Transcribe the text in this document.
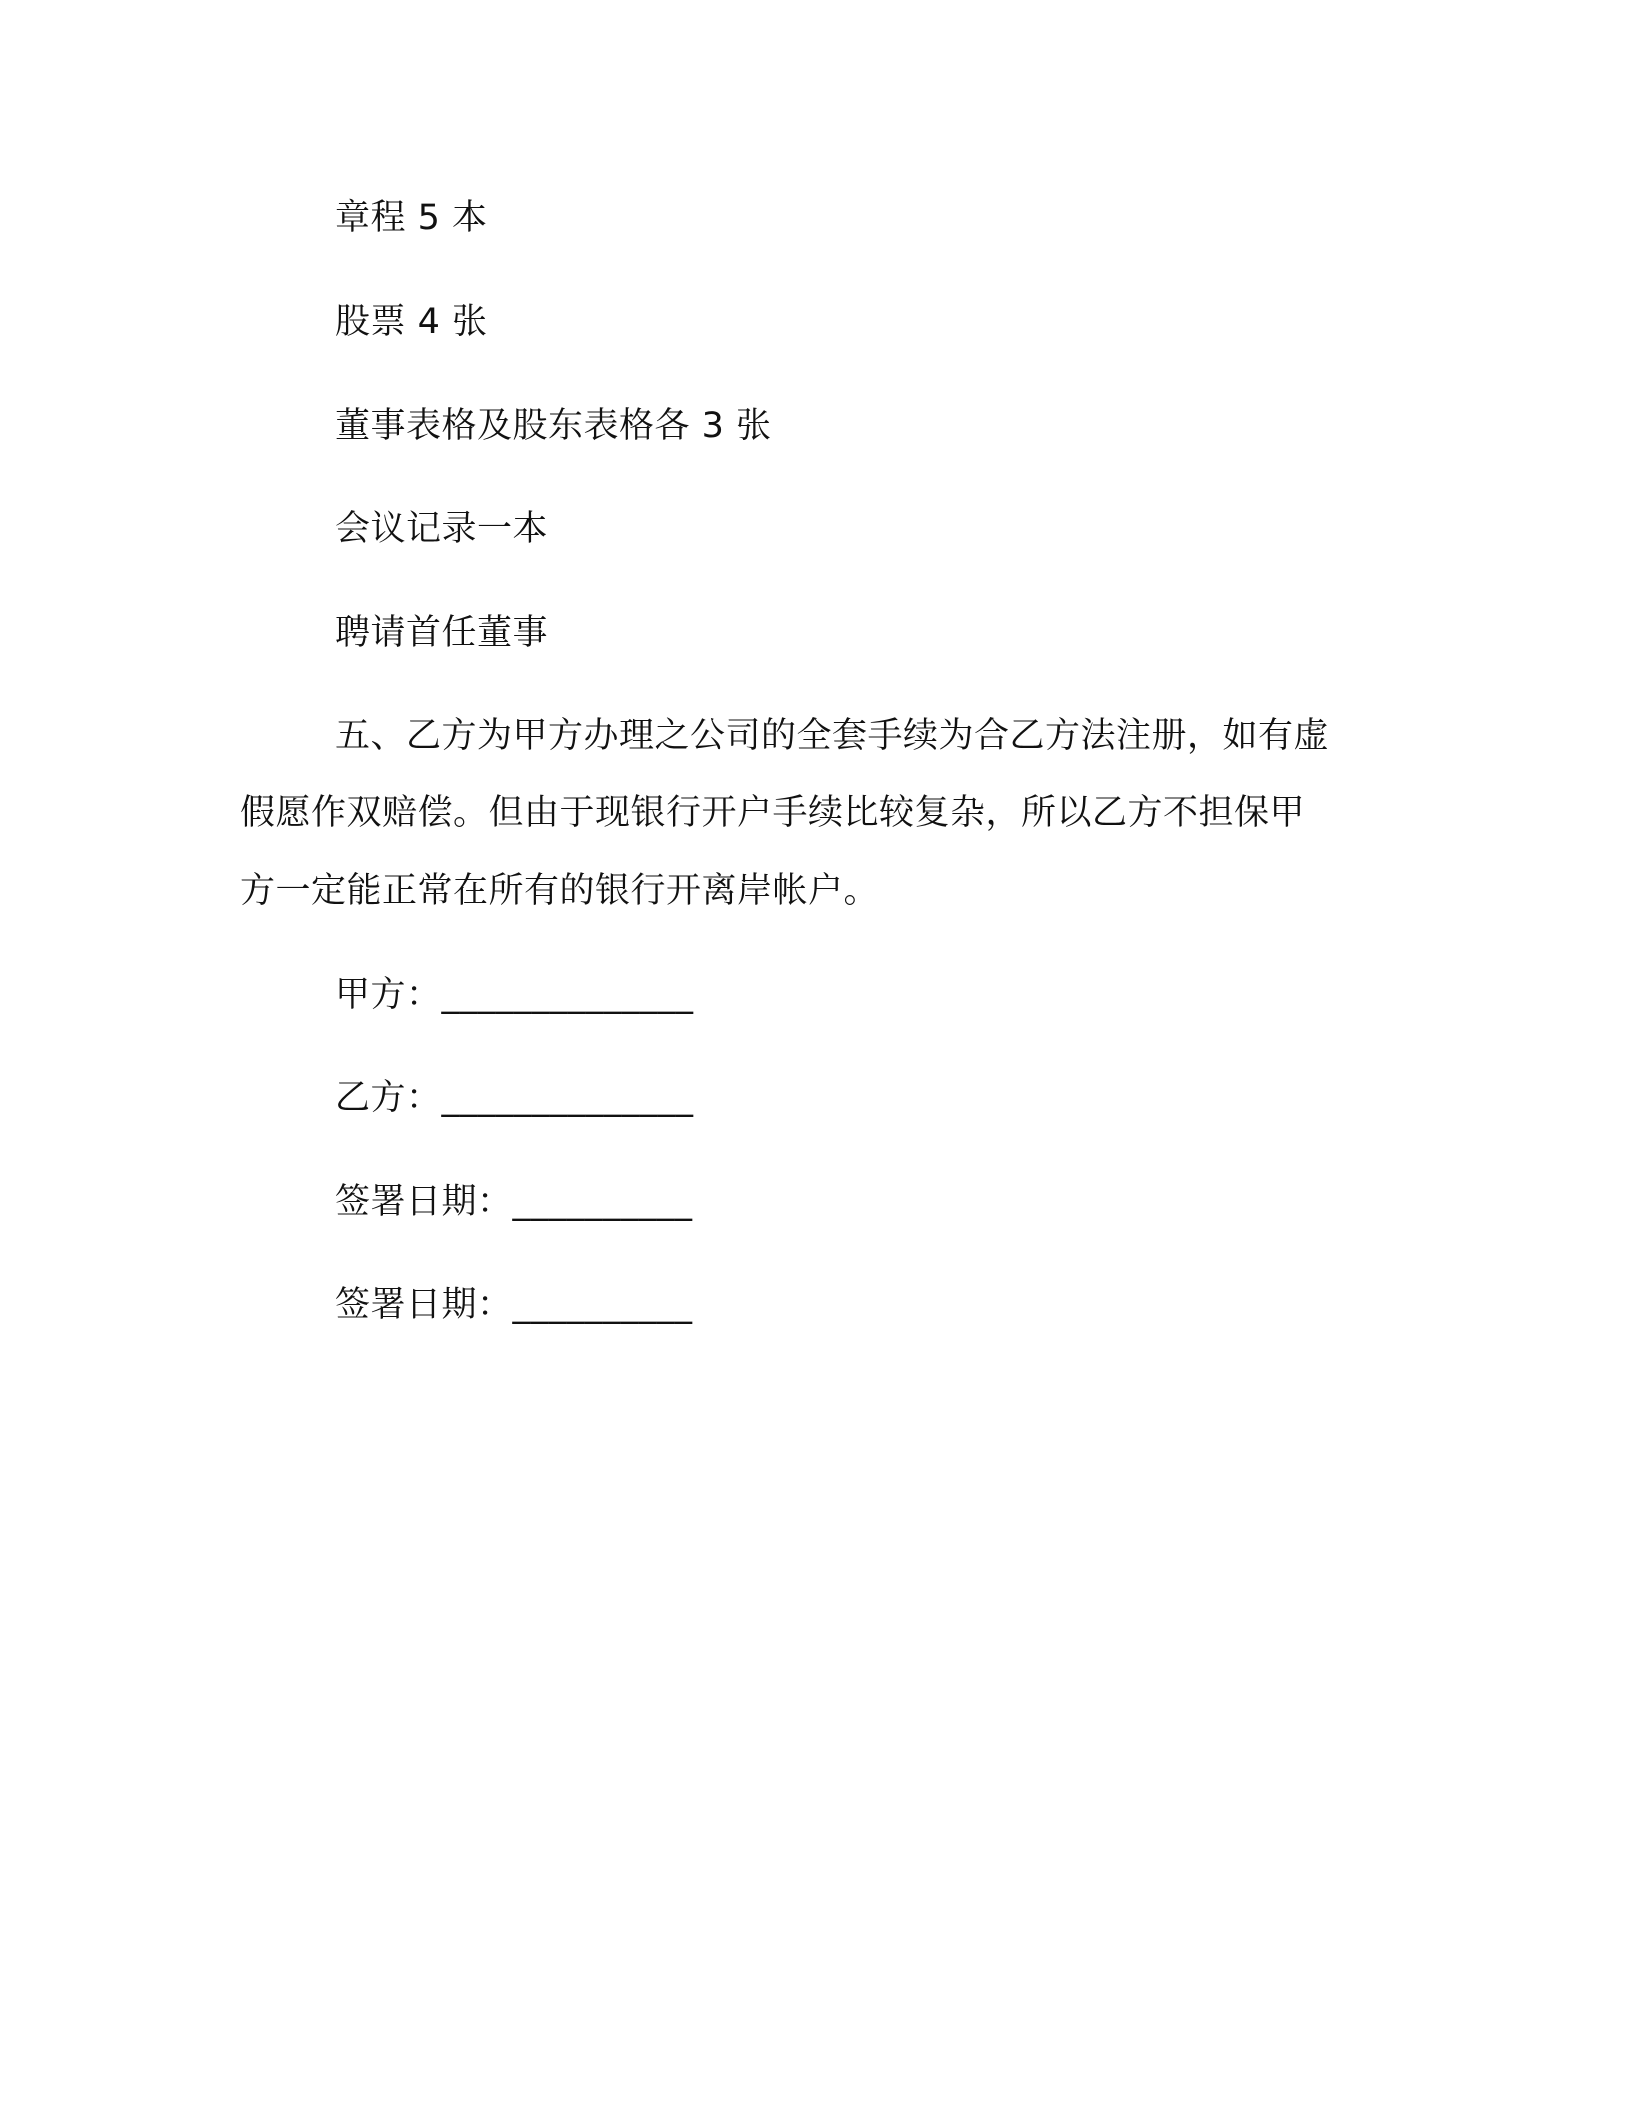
章程 5 本
股票 4 张
董事表格及股东表格各 3 张
会议记录一本
聘请首任董事
五、乙方为甲方办理之公司的全套手续为合乙方法注册，如有虚
假愿作双赔偿。但由于现银行开户手续比较复杂，所以乙方不担保甲
方一定能正常在所有的银行开离岸帐户。
甲方：______________
乙方：______________
签署日期：__________
签署日期：__________
